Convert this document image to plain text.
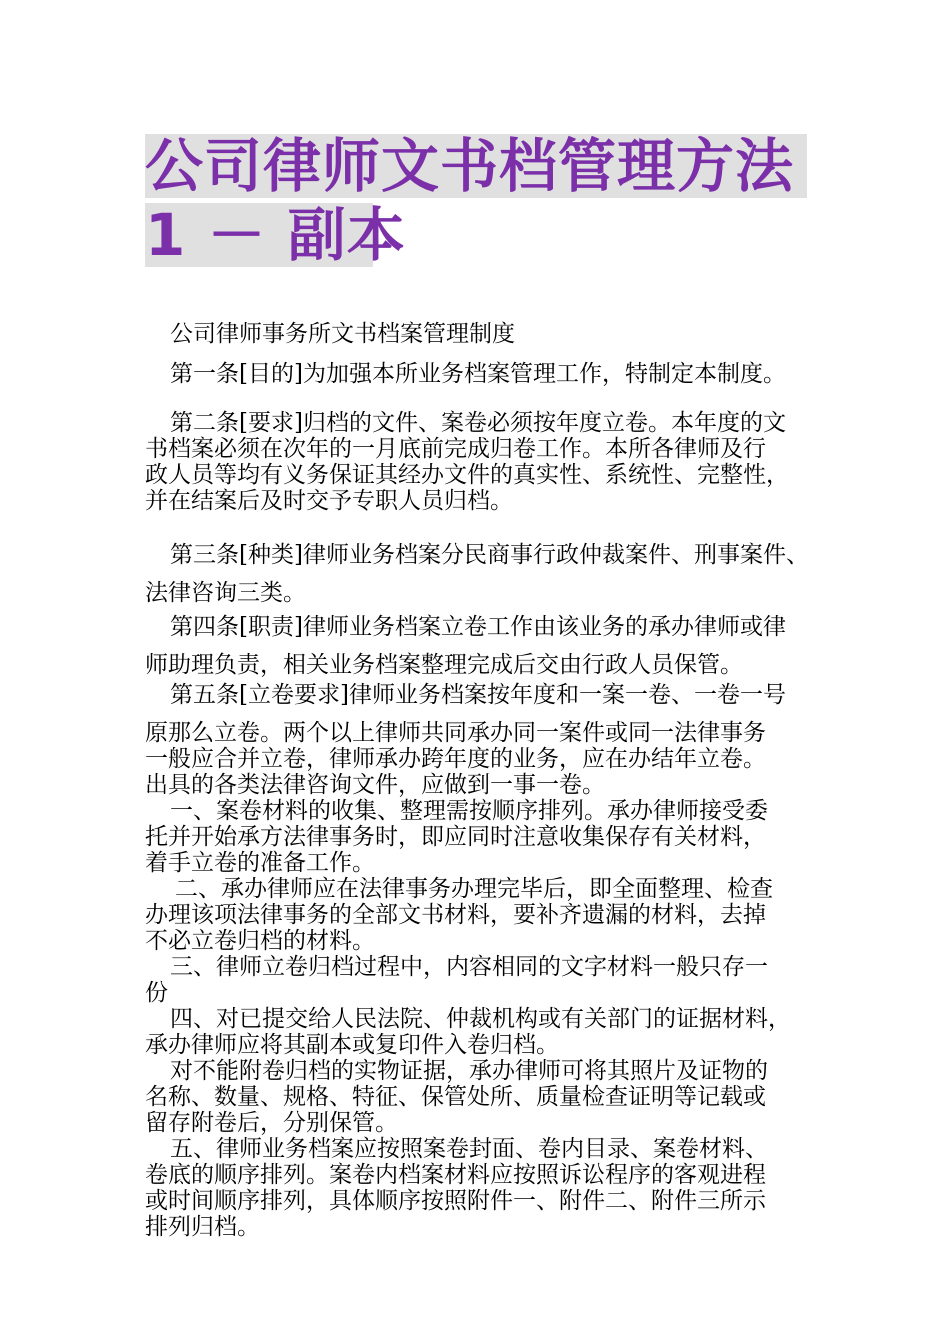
公司律师文书档管理方法
1 － 副本
公司律师事务所文书档案管理制度
第一条[目的]为加强本所业务档案管理工作，特制定本制度。
第二条[要求]归档的文件、案卷必须按年度立卷。本年度的文
书档案必须在次年的一月底前完成归卷工作。本所各律师及行
政人员等均有义务保证其经办文件的真实性、系统性、完整性，
并在结案后及时交予专职人员归档。
第三条[种类]律师业务档案分民商事行政仲裁案件、刑事案件、
法律咨询三类。
第四条[职责]律师业务档案立卷工作由该业务的承办律师或律
师助理负责，相关业务档案整理完成后交由行政人员保管。
第五条[立卷要求]律师业务档案按年度和一案一卷、一卷一号
原那么立卷。两个以上律师共同承办同一案件或同一法律事务
一般应合并立卷，律师承办跨年度的业务，应在办结年立卷。
出具的各类法律咨询文件，应做到一事一卷。
一、案卷材料的收集、整理需按顺序排列。承办律师接受委
托并开始承方法律事务时，即应同时注意收集保存有关材料，
着手立卷的准备工作。
二、承办律师应在法律事务办理完毕后，即全面整理、检查
办理该项法律事务的全部文书材料，要补齐遗漏的材料，去掉
不必立卷归档的材料。
三、律师立卷归档过程中，内容相同的文字材料一般只存一
份
四、对已提交给人民法院、仲裁机构或有关部门的证据材料，
承办律师应将其副本或复印件入卷归档。
对不能附卷归档的实物证据，承办律师可将其照片及证物的
名称、数量、规格、特征、保管处所、质量检查证明等记载或
留存附卷后，分别保管。
五、律师业务档案应按照案卷封面、卷内目录、案卷材料、
卷底的顺序排列。案卷内档案材料应按照诉讼程序的客观进程
或时间顺序排列，具体顺序按照附件一、附件二、附件三所示
排列归档。
